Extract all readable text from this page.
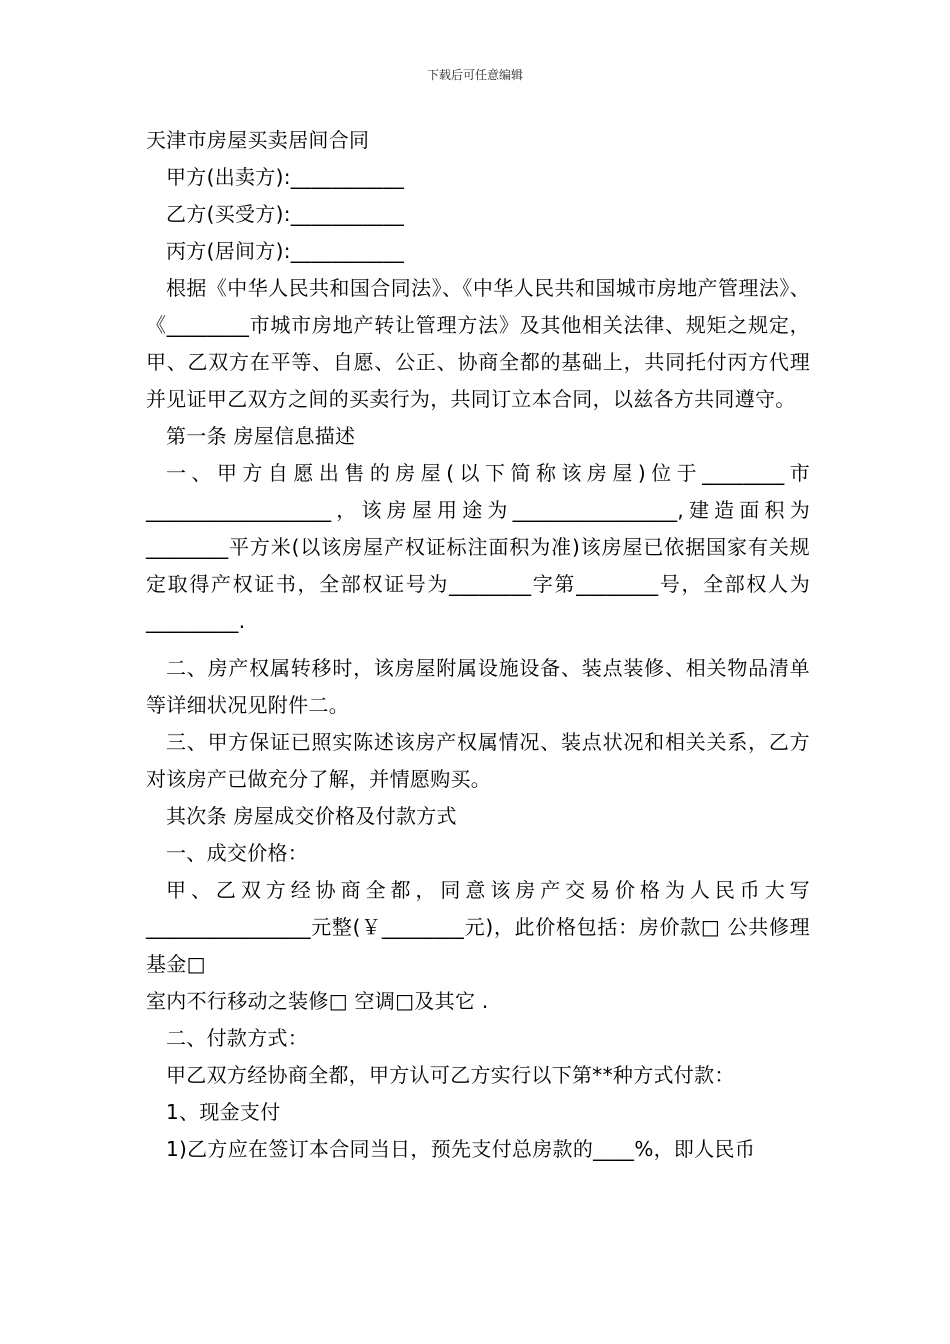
下载后可任意编辑

天津市房屋买卖居间合同

甲方(出卖方):___________

乙方(买受方):___________

丙方(居间方):___________

根据《中华人民共和国合同法》、《中华人民共和国城市房地产管理法》、《________市城市房地产转让管理方法》及其他相关法律、规矩之规定，甲、乙双方在平等、自愿、公正、协商全都的基础上，共同托付丙方代理并见证甲乙双方之间的买卖行为，共同订立本合同，以兹各方共同遵守。

第一条 房屋信息描述

一、甲方自愿出售的房屋(以下简称该房屋)位于________市__________________，该房屋用途为________________,建造面积为________平方米(以该房屋产权证标注面积为准)该房屋已依据国家有关规定取得产权证书，全部权证号为________字第________号，全部权人为_________.

二、房产权属转移时，该房屋附属设施设备、装点装修、相关物品清单等详细状况见附件二。

三、甲方保证已照实陈述该房产权属情况、装点状况和相关关系，乙方对该房产已做充分了解，并情愿购买。

其次条 房屋成交价格及付款方式

一、成交价格：

甲、乙双方经协商全都，同意该房产交易价格为人民币大写________________元整(￥________元)，此价格包括：房价款□ 公共修理基金□

室内不行移动之装修□ 空调□及其它 .

二、付款方式：

甲乙双方经协商全都，甲方认可乙方实行以下第**种方式付款：

1、现金支付

1)乙方应在签订本合同当日，预先支付总房款的____%，即人民币
